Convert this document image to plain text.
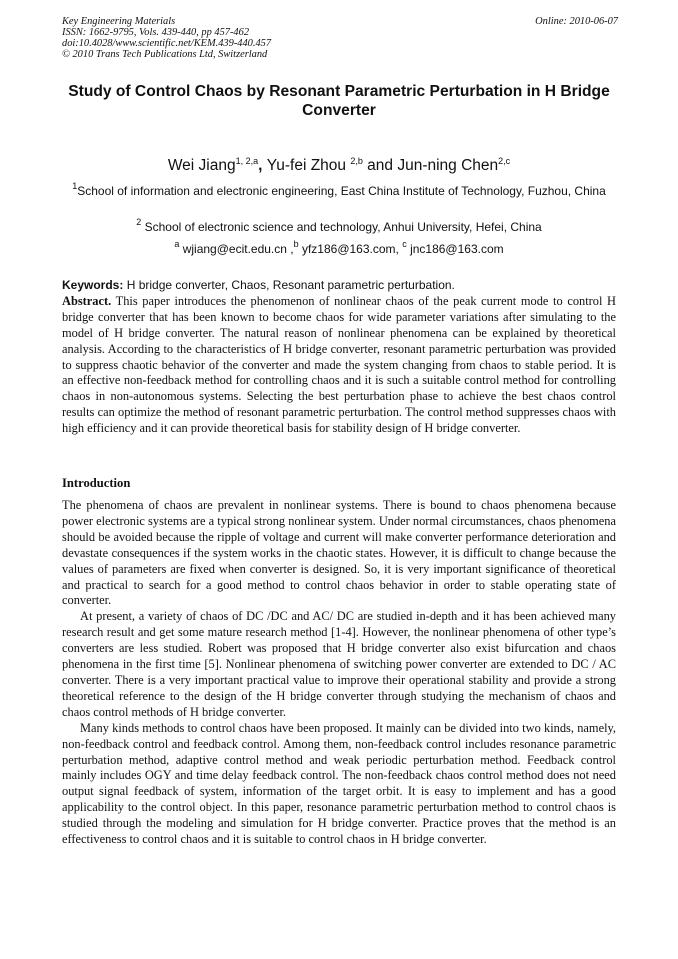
Key Engineering Materials
ISSN: 1662-9795, Vols. 439-440, pp 457-462
doi:10.4028/www.scientific.net/KEM.439-440.457
© 2010 Trans Tech Publications Ltd, Switzerland
Online: 2010-06-07
Study of Control Chaos by Resonant Parametric Perturbation in H Bridge Converter
Wei Jiang$^{1, 2,a}$, Yu-fei Zhou $^{2,b}$ and Jun-ning Chen$^{2,c}$
$^1$School of information and electronic engineering, East China Institute of Technology, Fuzhou, China
$^2$ School of electronic science and technology, Anhui University, Hefei, China
$^a$ wjiang@ecit.edu.cn ,$^b$ yfz186@163.com, $^c$ jnc186@163.com
Keywords: H bridge converter, Chaos, Resonant parametric perturbation.

Abstract. This paper introduces the phenomenon of nonlinear chaos of the peak current mode to control H bridge converter that has been known to become chaos for wide parameter variations after simulating to the model of H bridge converter. The natural reason of nonlinear phenomena can be explained by theoretical analysis. According to the characteristics of H bridge converter, resonant parametric perturbation was provided to suppress chaotic behavior of the converter and made the system changing from chaos to stable period. It is an effective non-feedback method for controlling chaos and it is such a suitable control method for controlling chaos in non-autonomous systems. Selecting the best perturbation phase to achieve the best chaos control results can optimize the method of resonant parametric perturbation. The control method suppresses chaos with high efficiency and it can provide theoretical basis for stability design of H bridge converter.

Introduction

The phenomena of chaos are prevalent in nonlinear systems. There is bound to chaos phenomena because power electronic systems are a typical strong nonlinear system. Under normal circumstances, chaos phenomena should be avoided because the ripple of voltage and current will make converter performance deterioration and devastate consequences if the system works in the chaotic states. However, it is difficult to change because the values of parameters are fixed when converter is designed. So, it is very important significance of theoretical and practical to search for a good method to control chaos behavior in order to stable operating state of converter.

At present, a variety of chaos of DC /DC and AC/ DC are studied in-depth and it has been achieved many research result and get some mature research method [1-4]. However, the nonlinear phenomena of other type’s converters are less studied. Robert was proposed that H bridge converter also exist bifurcation and chaos phenomena in the first time [5]. Nonlinear phenomena of switching power converter are extended to DC / AC converter. There is a very important practical value to improve their operational stability and provide a strong theoretical reference to the design of the H bridge converter through studying the mechanism of chaos and chaos control methods of H bridge converter.

Many kinds methods to control chaos have been proposed. It mainly can be divided into two kinds, namely, non-feedback control and feedback control. Among them, non-feedback control includes resonance parametric perturbation method, adaptive control method and weak periodic perturbation method. Feedback control mainly includes OGY and time delay feedback control. The non-feedback chaos control method does not need output signal feedback of system, information of the target orbit. It is easy to implement and has a good applicability to the control object. In this paper, resonance parametric perturbation method to control chaos is studied through the modeling and simulation for H bridge converter. Practice proves that the method is an effectiveness to control chaos and it is suitable to control chaos in H bridge converter.
